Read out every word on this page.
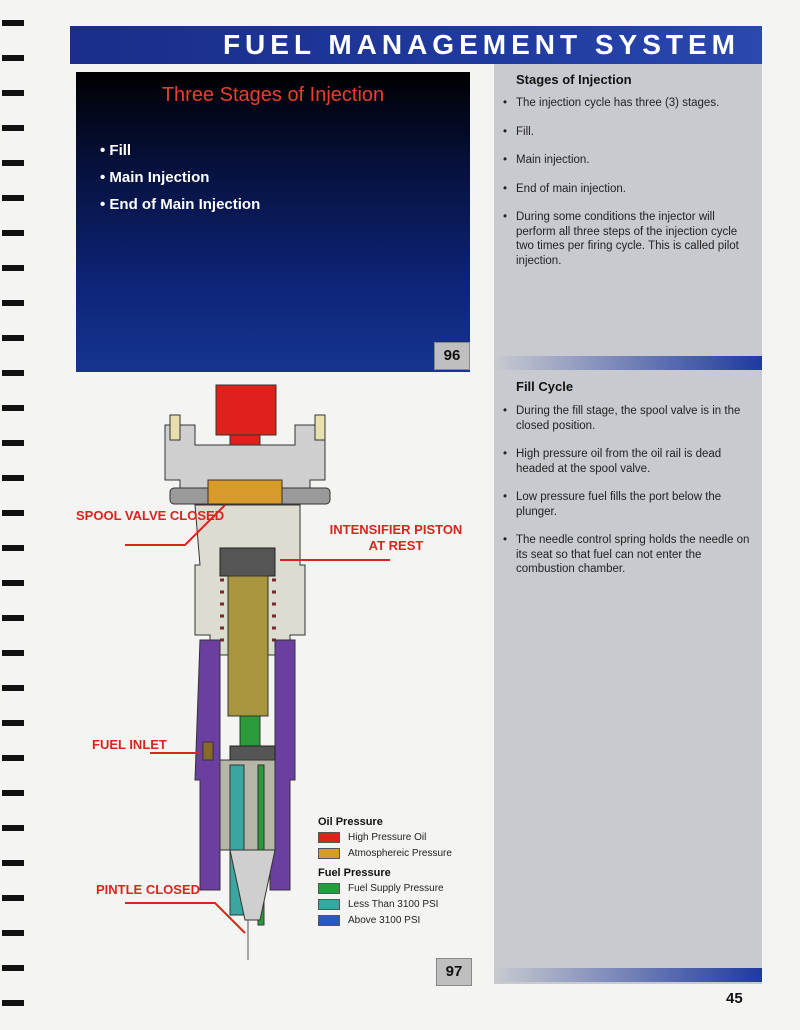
FUEL MANAGEMENT SYSTEM
Three Stages of Injection
• Fill
• Main Injection
• End of Main Injection
96
Stages of Injection
• The injection cycle has three (3) stages.
• Fill.
• Main injection.
• End of main injection.
• During some conditions the injector will perform all three steps of the injection cycle two times per firing cycle. This is called pilot injection.
Fill Cycle
• During the fill stage, the spool valve is in the closed position.
• High pressure oil from the oil rail is dead headed at the spool valve.
• Low pressure fuel fills the port below the plunger.
• The needle control spring holds the needle on its seat so that fuel can not enter the combustion chamber.
SPOOL VALVE CLOSED
INTENSIFIER PISTON AT REST
FUEL INLET
PINTLE CLOSED
Oil Pressure
High Pressure Oil
Atmosphereic Pressure
Fuel Pressure
Fuel Supply Pressure
Less Than 3100 PSI
Above 3100 PSI
97
45
